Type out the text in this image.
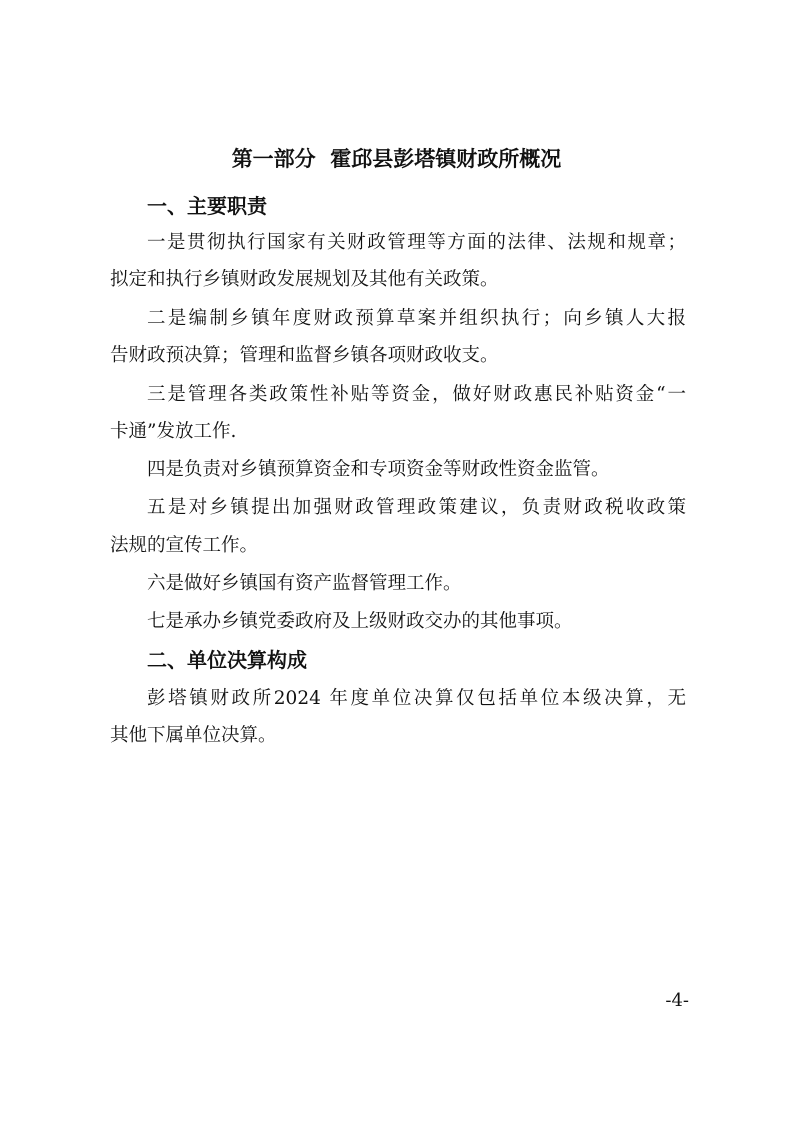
第一部分  霍邱县彭塔镇财政所概况
一、主要职责
一是贯彻执行国家有关财政管理等方面的法律、法规和规章；
拟定和执行乡镇财政发展规划及其他有关政策。
二是编制乡镇年度财政预算草案并组织执行；向乡镇人大报
告财政预决算；管理和监督乡镇各项财政收支。
三是管理各类政策性补贴等资金，做好财政惠民补贴资金“一
卡通”发放工作.
四是负责对乡镇预算资金和专项资金等财政性资金监管。
五是对乡镇提出加强财政管理政策建议，负责财政税收政策
法规的宣传工作。
六是做好乡镇国有资产监督管理工作。
七是承办乡镇党委政府及上级财政交办的其他事项。
二、单位决算构成
彭塔镇财政所2024 年度单位决算仅包括单位本级决算，无
其他下属单位决算。
-4-
